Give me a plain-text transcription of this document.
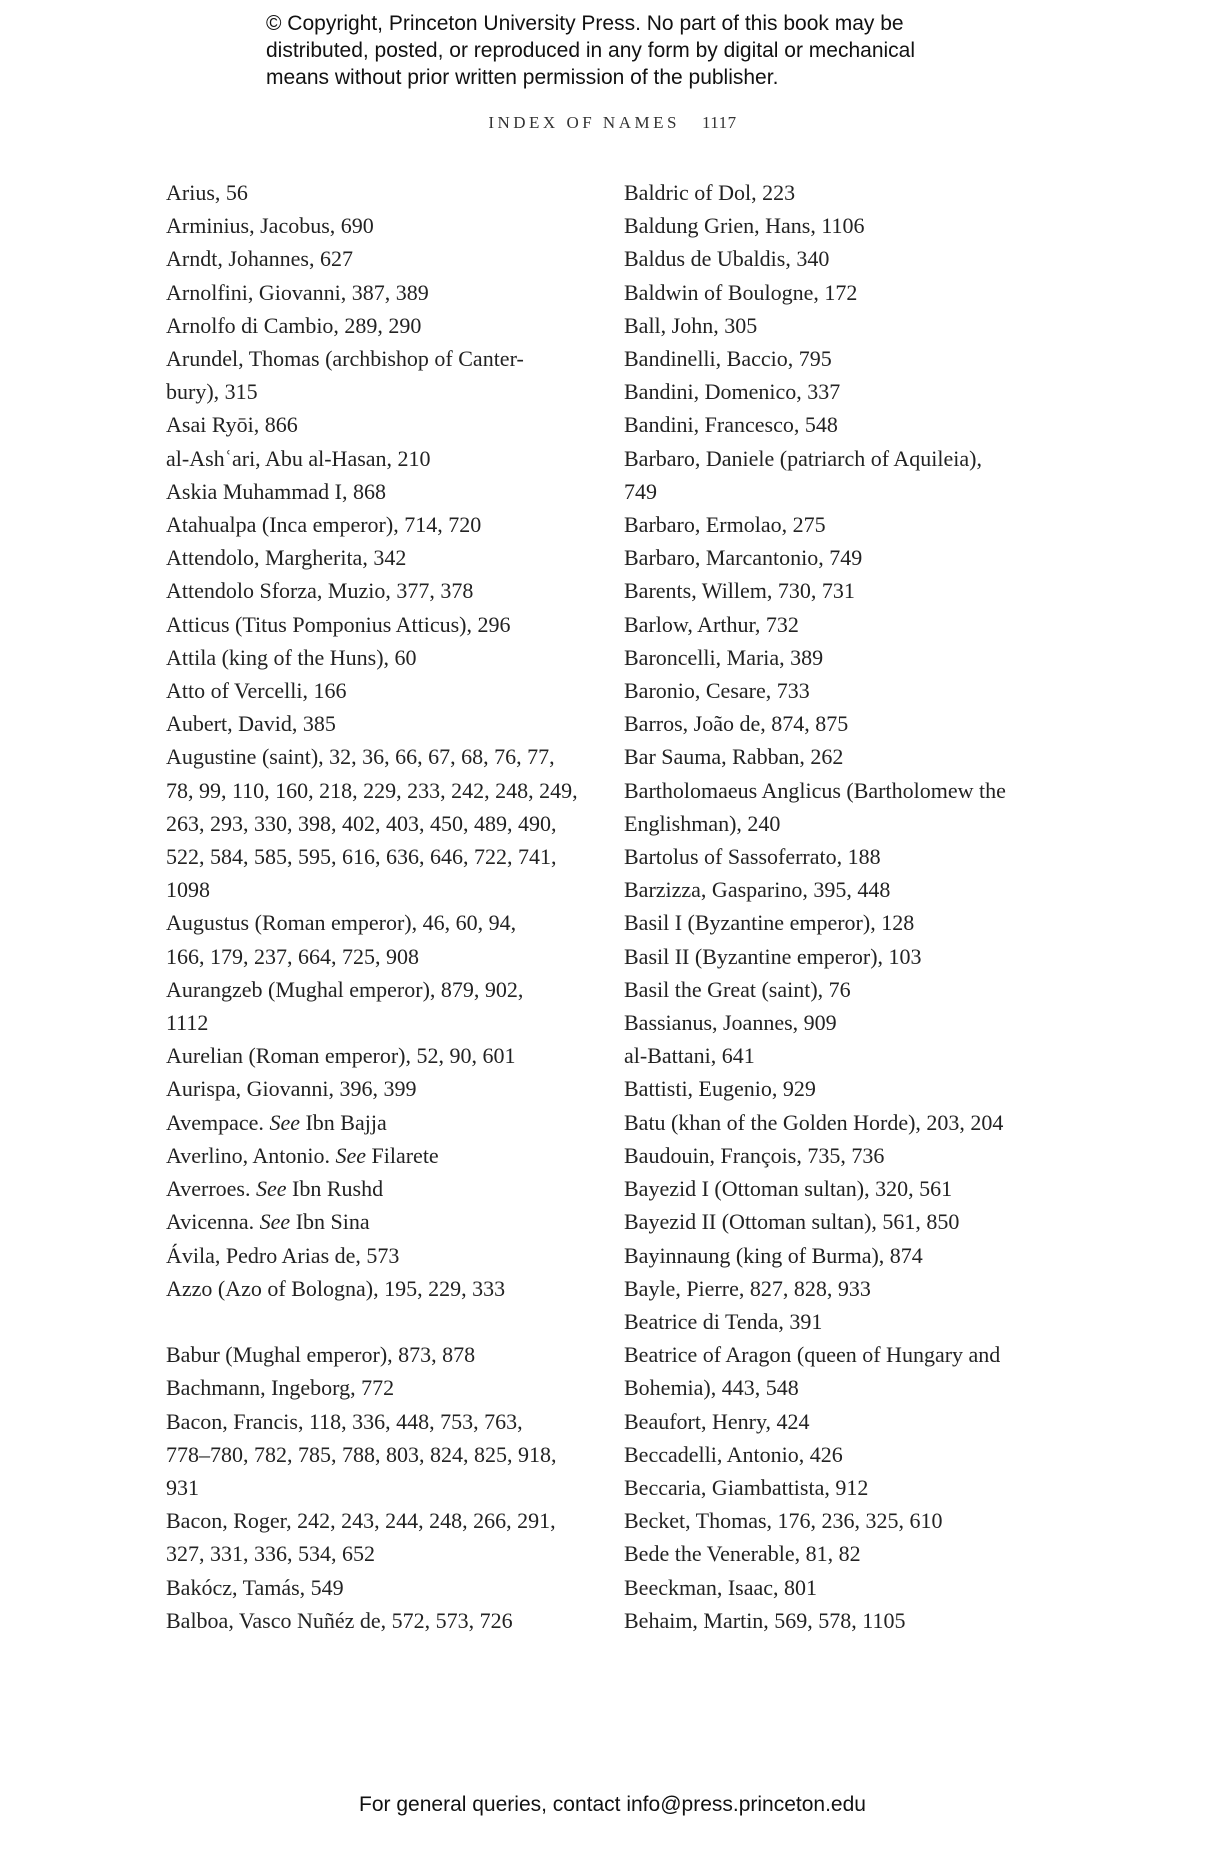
© Copyright, Princeton University Press. No part of this book may be
distributed, posted, or reproduced in any form by digital or mechanical
means without prior written permission of the publisher.
INDEX OF NAMES 1117
Arius, 56
Arminius, Jacobus, 690
Arndt, Johannes, 627
Arnolfini, Giovanni, 387, 389
Arnolfo di Cambio, 289, 290
Arundel, Thomas (archbishop of Canter-
bury), 315
Asai Ryōi, 866
al-Ashʿari, Abu al-Hasan, 210
Askia Muhammad I, 868
Atahualpa (Inca emperor), 714, 720
Attendolo, Margherita, 342
Attendolo Sforza, Muzio, 377, 378
Atticus (Titus Pomponius Atticus), 296
Attila (king of the Huns), 60
Atto of Vercelli, 166
Aubert, David, 385
Augustine (saint), 32, 36, 66, 67, 68, 76, 77,
78, 99, 110, 160, 218, 229, 233, 242, 248, 249,
263, 293, 330, 398, 402, 403, 450, 489, 490,
522, 584, 585, 595, 616, 636, 646, 722, 741,
1098
Augustus (Roman emperor), 46, 60, 94,
166, 179, 237, 664, 725, 908
Aurangzeb (Mughal emperor), 879, 902,
1112
Aurelian (Roman emperor), 52, 90, 601
Aurispa, Giovanni, 396, 399
Avempace. See Ibn Bajja
Averlino, Antonio. See Filarete
Averroes. See Ibn Rushd
Avicenna. See Ibn Sina
Ávila, Pedro Arias de, 573
Azzo (Azo of Bologna), 195, 229, 333
Babur (Mughal emperor), 873, 878
Bachmann, Ingeborg, 772
Bacon, Francis, 118, 336, 448, 753, 763,
778–780, 782, 785, 788, 803, 824, 825, 918,
931
Bacon, Roger, 242, 243, 244, 248, 266, 291,
327, 331, 336, 534, 652
Bakócz, Tamás, 549
Balboa, Vasco Nuñéz de, 572, 573, 726
Baldric of Dol, 223
Baldung Grien, Hans, 1106
Baldus de Ubaldis, 340
Baldwin of Boulogne, 172
Ball, John, 305
Bandinelli, Baccio, 795
Bandini, Domenico, 337
Bandini, Francesco, 548
Barbaro, Daniele (patriarch of Aquileia),
749
Barbaro, Ermolao, 275
Barbaro, Marcantonio, 749
Barents, Willem, 730, 731
Barlow, Arthur, 732
Baroncelli, Maria, 389
Baronio, Cesare, 733
Barros, João de, 874, 875
Bar Sauma, Rabban, 262
Bartholomaeus Anglicus (Bartholomew the
Englishman), 240
Bartolus of Sassoferrato, 188
Barzizza, Gasparino, 395, 448
Basil I (Byzantine emperor), 128
Basil II (Byzantine emperor), 103
Basil the Great (saint), 76
Bassianus, Joannes, 909
al-Battani, 641
Battisti, Eugenio, 929
Batu (khan of the Golden Horde), 203, 204
Baudouin, François, 735, 736
Bayezid I (Ottoman sultan), 320, 561
Bayezid II (Ottoman sultan), 561, 850
Bayinnaung (king of Burma), 874
Bayle, Pierre, 827, 828, 933
Beatrice di Tenda, 391
Beatrice of Aragon (queen of Hungary and
Bohemia), 443, 548
Beaufort, Henry, 424
Beccadelli, Antonio, 426
Beccaria, Giambattista, 912
Becket, Thomas, 176, 236, 325, 610
Bede the Venerable, 81, 82
Beeckman, Isaac, 801
Behaim, Martin, 569, 578, 1105
For general queries, contact info@press.princeton.edu
